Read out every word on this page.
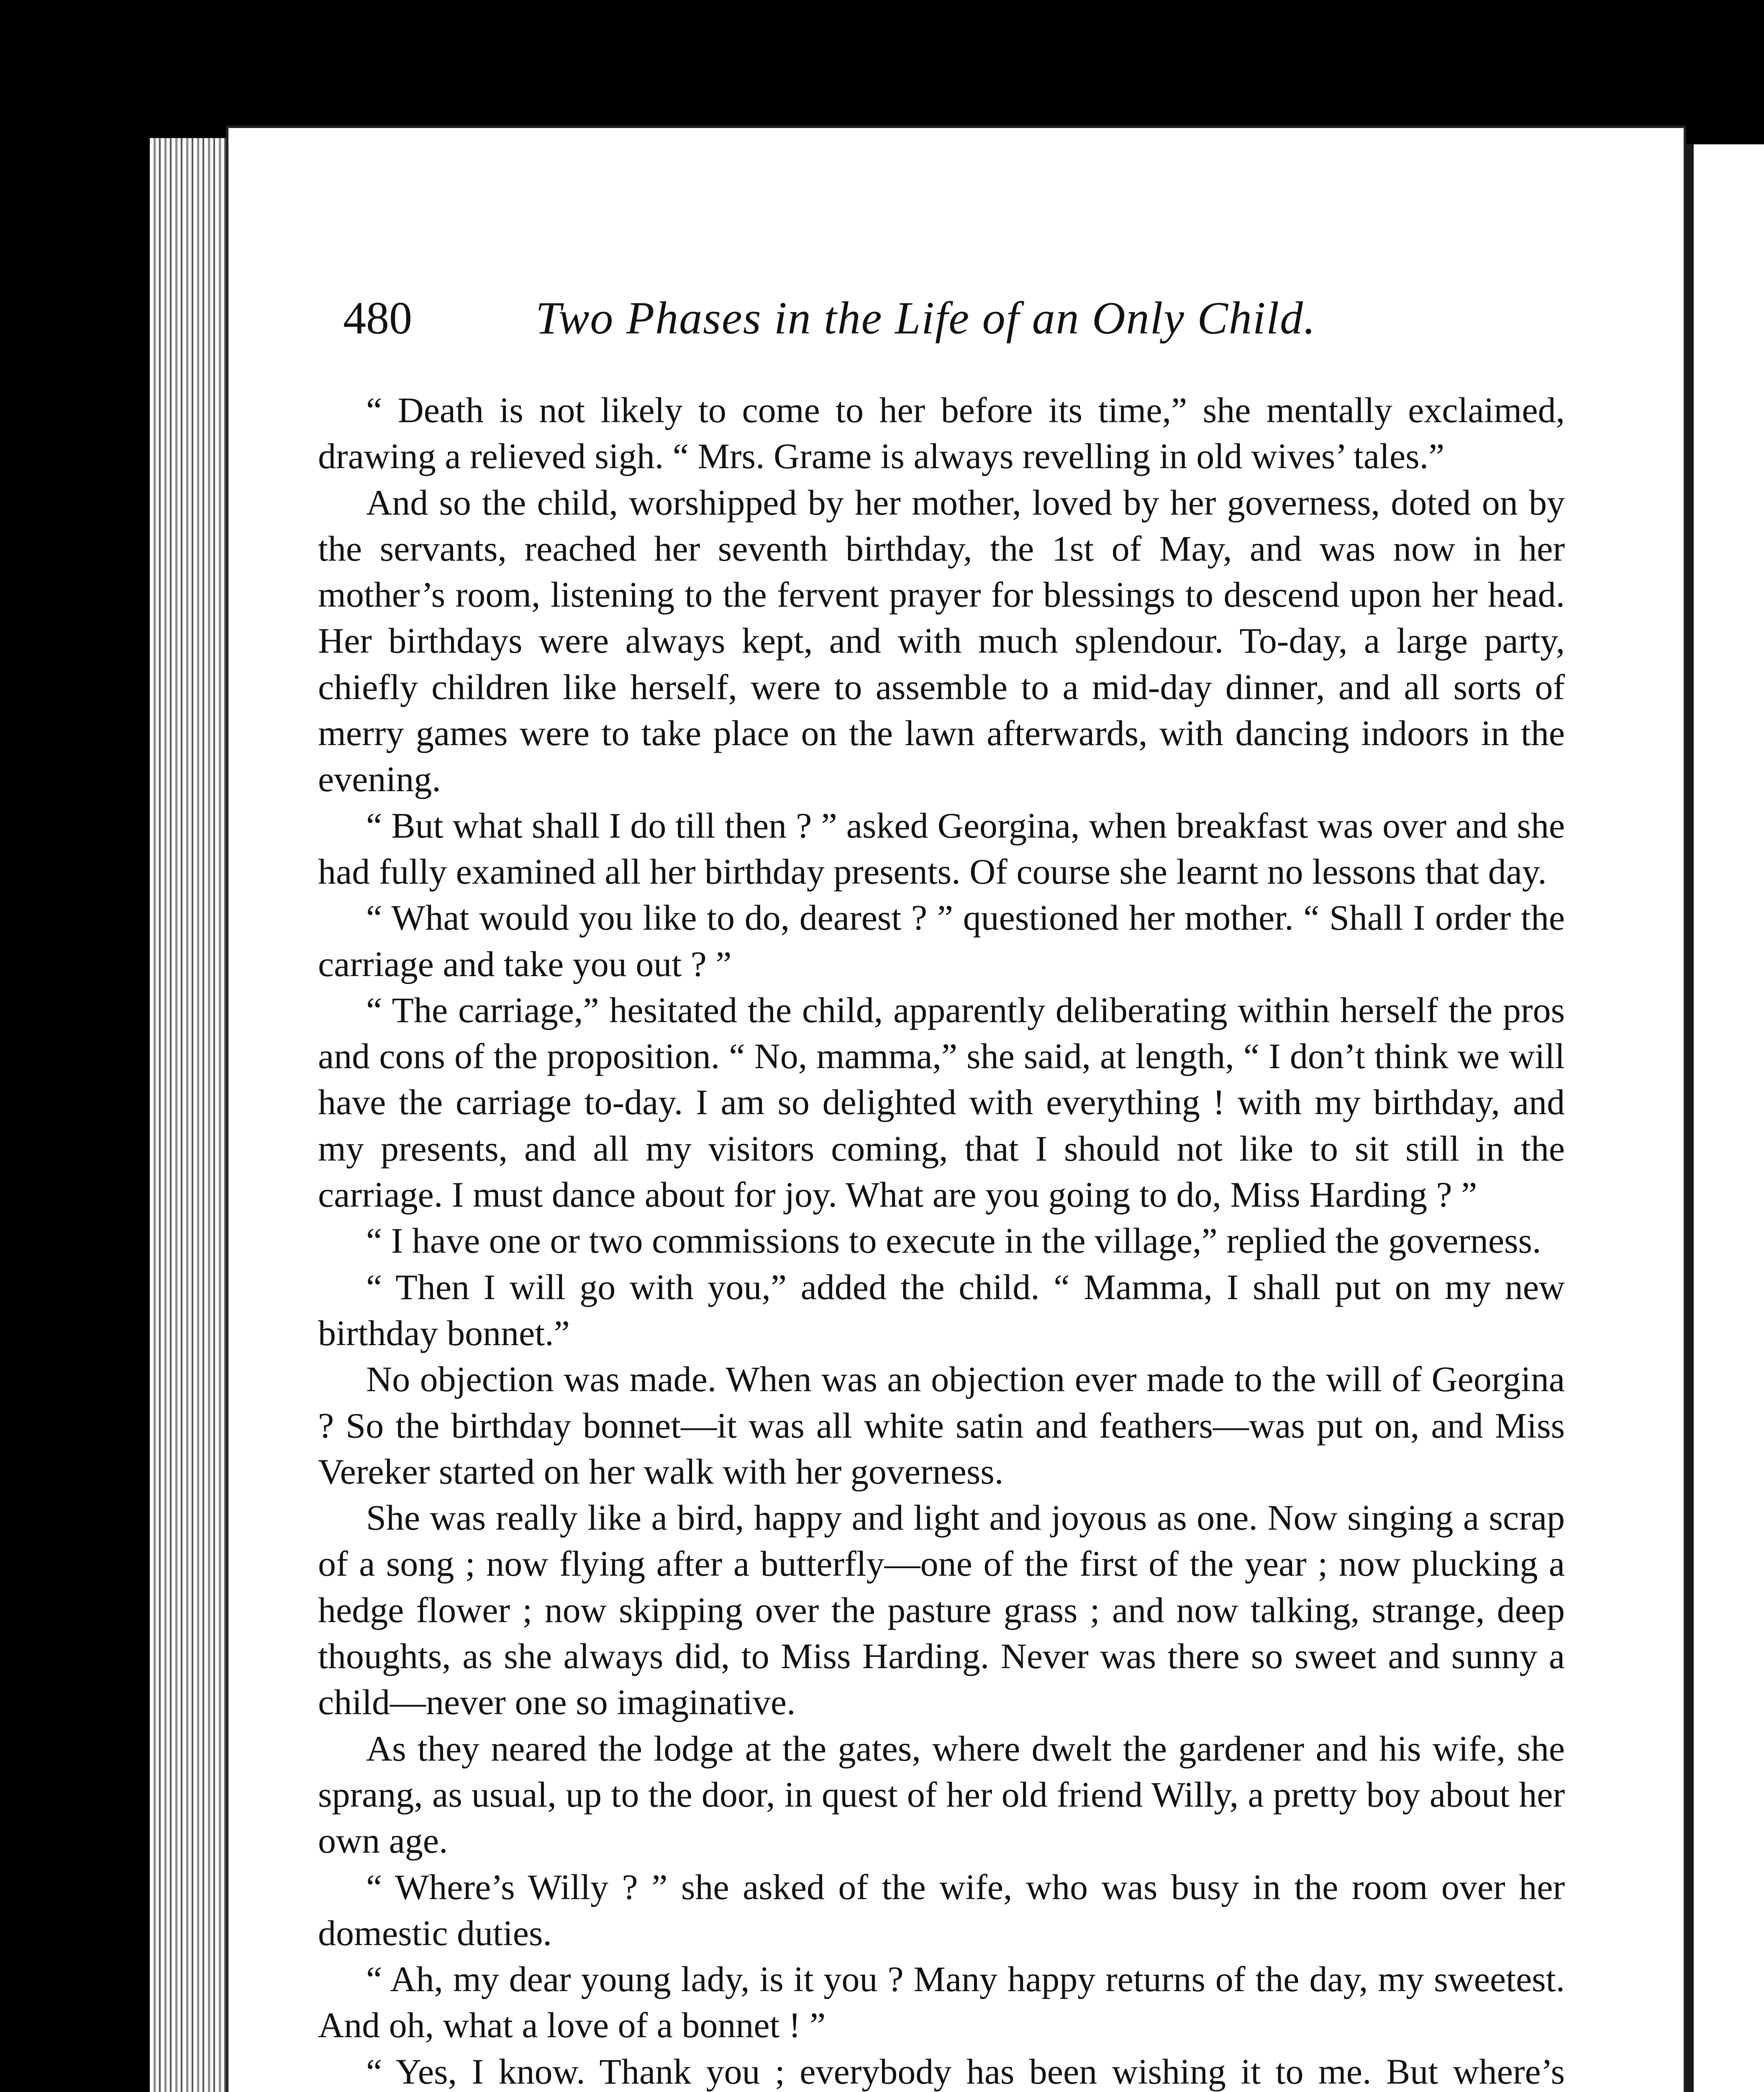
480	Two Phases in the Life of an Only Child.

“ Death is not likely to come to her before its time,” she mentally exclaimed, drawing a relieved sigh. “ Mrs. Grame is always revelling in old wives’ tales.”

And so the child, worshipped by her mother, loved by her governess, doted on by the servants, reached her seventh birthday, the 1st of May, and was now in her mother’s room, listening to the fervent prayer for blessings to descend upon her head. Her birthdays were always kept, and with much splendour. To-day, a large party, chiefly children like herself, were to assemble to a mid-day dinner, and all sorts of merry games were to take place on the lawn afterwards, with dancing indoors in the evening.

“ But what shall I do till then ? ” asked Georgina, when breakfast was over and she had fully examined all her birthday presents. Of course she learnt no lessons that day.

“ What would you like to do, dearest ? ” questioned her mother. “ Shall I order the carriage and take you out ? ”

“ The carriage,” hesitated the child, apparently deliberating within herself the pros and cons of the proposition. “ No, mamma,” she said, at length, “ I don’t think we will have the carriage to-day. I am so delighted with everything ! with my birthday, and my presents, and all my visitors coming, that I should not like to sit still in the carriage. I must dance about for joy. What are you going to do, Miss Harding ? ”

“ I have one or two commissions to execute in the village,” replied the governess.

“ Then I will go with you,” added the child. “ Mamma, I shall put on my new birthday bonnet.”

No objection was made. When was an objection ever made to the will of Georgina ? So the birthday bonnet—it was all white satin and feathers—was put on, and Miss Vereker started on her walk with her governess.

She was really like a bird, happy and light and joyous as one. Now singing a scrap of a song ; now flying after a butterfly—one of the first of the year ; now plucking a hedge flower ; now skipping over the pasture grass ; and now talking, strange, deep thoughts, as she always did, to Miss Harding. Never was there so sweet and sunny a child—never one so imaginative.

As they neared the lodge at the gates, where dwelt the gardener and his wife, she sprang, as usual, up to the door, in quest of her old friend Willy, a pretty boy about her own age.

“ Where’s Willy ? ” she asked of the wife, who was busy in the room over her domestic duties.

“ Ah, my dear young lady, is it you ? Many happy returns of the day, my sweetest. And oh, what a love of a bonnet ! ”

“ Yes, I know. Thank you ; everybody has been wishing it to me. But where’s
